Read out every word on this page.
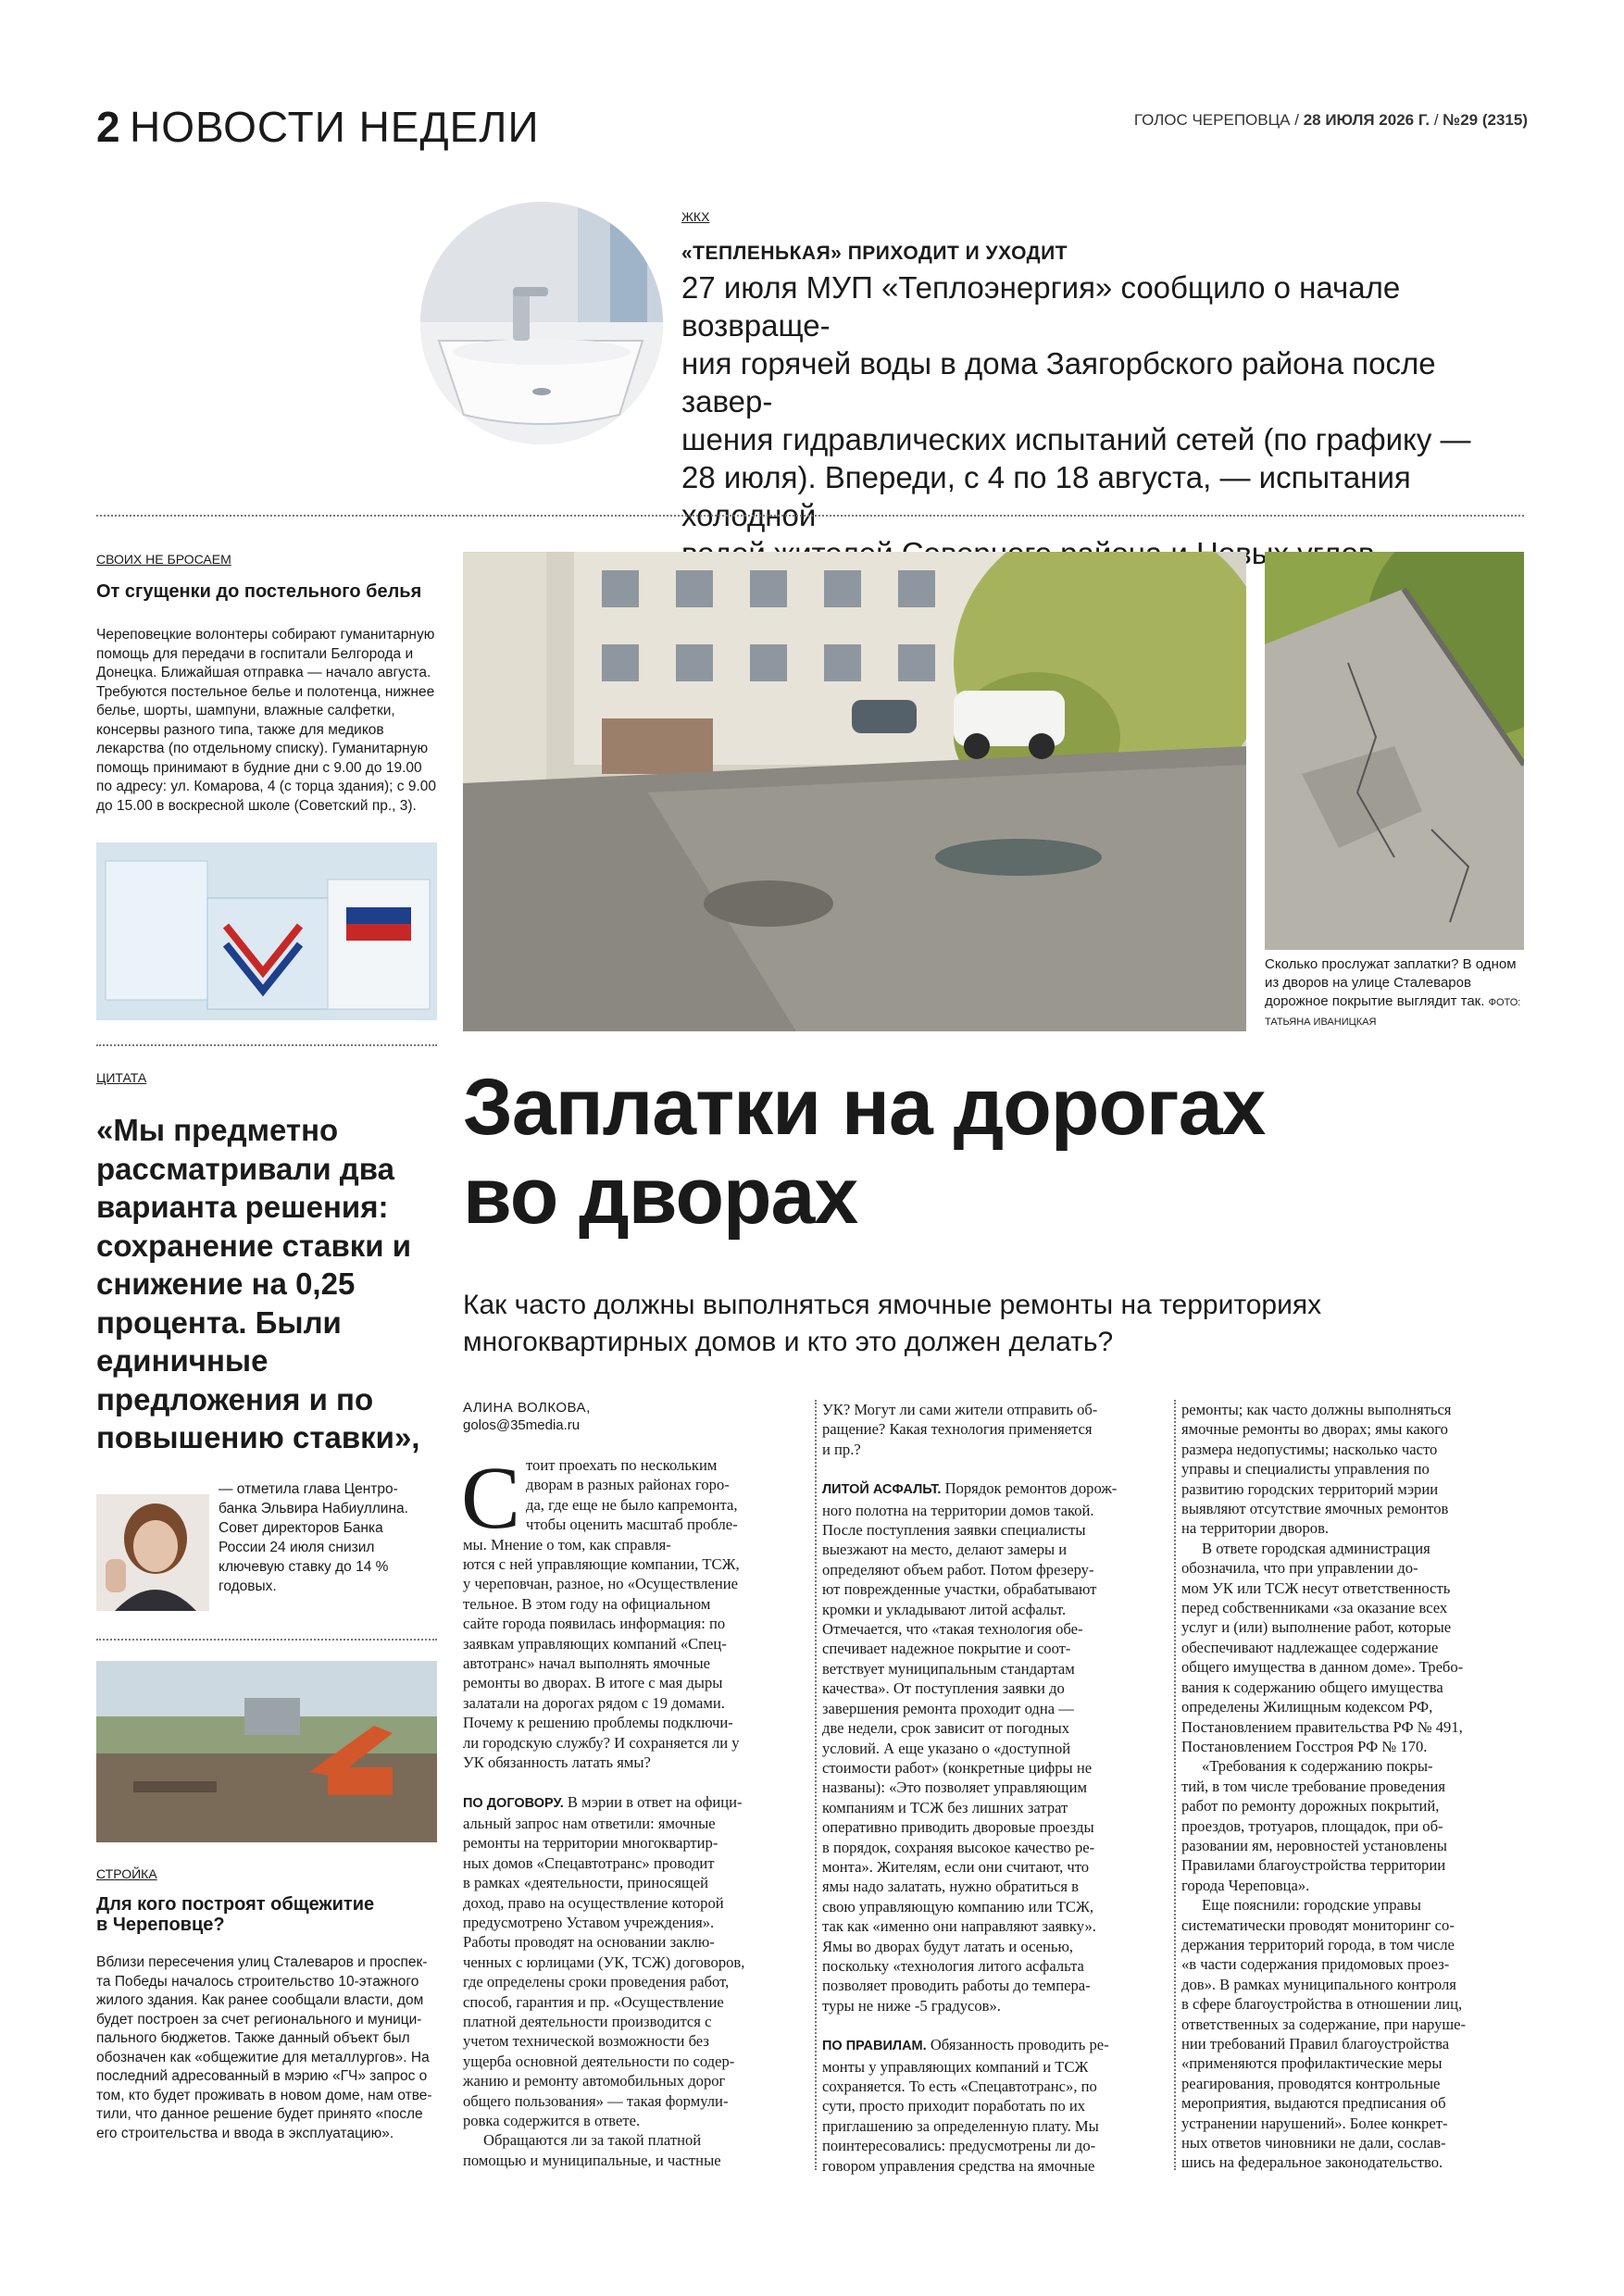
2 НОВОСТИ НЕДЕЛИ	ГОЛОС ЧЕРЕПОВЦА / 28 ИЮЛЯ 2026 Г. / №29 (2315)
ЖКХ
«ТЕПЛЕНЬКАЯ» ПРИХОДИТ И УХОДИТ
27 июля МУП «Теплоэнергия» сообщило о начале возвраще-
ния горячей воды в дома Заягорбского района после завер-
шения гидравлических испытаний сетей (по графику —
28 июля). Впереди, с 4 по 18 августа, — испытания холодной
СВОИХ НЕ БРОСАЕМ
От сгущенки до постельного белья
Череповецкие волонтеры собирают гуманитарную
помощь для передачи в госпитали Белгорода и
Донецка. Ближайшая отправка — начало августа.
Требуются постельное белье и полотенца, нижнее
белье, шорты, шампуни, влажные салфетки,
консервы разного типа, также для медиков
лекарства (по отдельному списку). Гуманитарную
помощь принимают в будние дни с 9.00 до 19.00
по адресу: ул. Комарова, 4 (с торца здания); с 9.00
до 15.00 в воскресной школе (Советский пр., 3).
ЦИТАТА
«Мы предметно рассматривали два варианта решения: сохранение ставки и снижение на 0,25 процента. Были единичные предложения и по повышению ставки»,
— отметила глава Центро-
банка Эльвира Набиуллина.
Совет директоров Банка
России 24 июля снизил
ключевую ставку до 14 %
годовых.
СТРОЙКА
Для кого построят общежитие
в Череповце?
Вблизи пересечения улиц Сталеваров и проспек-
та Победы началось строительство 10-этажного
жилого здания. Как ранее сообщали власти, дом
будет построен за счет регионального и муници-
пального бюджетов. Также данный объект был
обозначен как «общежитие для металлургов». На
последний адресованный в мэрию «ГЧ» запрос о
том, кто будет проживать в новом доме, нам отве-
тили, что данное решение будет принято «после
его строительства и ввода в эксплуатацию».
Сколько прослужат заплатки? В одном из дворов на улице Сталеваров дорожное покрытие выглядит так. ФОТО: ТАТЬЯНА ИВАНИЦКАЯ
Заплатки на дорогах
во дворах
Как часто должны выполняться ямочные ремонты на территориях
многоквартирных домов и кто это должен делать?
АЛИНА ВОЛКОВА,
golos@35media.ru
С тоит проехать по нескольким
дворам в разных районах горо-
да, где еще не было капремонта,
чтобы оценить масштаб пробле-
мы. Мнение о том, как справля-
ются с ней управляющие компании, ТСЖ,
у череповчан, разное, но «Осуществление
тельное. В этом году на официальном
сайте города появилась информация: по
заявкам управляющих компаний «Спец-
автотранс» начал выполнять ямочные
ремонты во дворах. В итоге с мая дыры
залатали на дорогах рядом с 19 домами.
Почему к решению проблемы подключи-
ли городскую службу? И сохраняется ли у
УК обязанность латать ямы?
ПО ДОГОВОРУ. В мэрии в ответ на офици-
альный запрос нам ответили: ямочные
ремонты на территории многоквартир-
ных домов «Спецавтотранс» проводит
в рамках «деятельности, приносящей
доход, право на осуществление которой
предусмотрено Уставом учреждения».
Работы проводят на основании заклю-
ченных с юрлицами (УК, ТСЖ) договоров,
где определены сроки проведения работ,
способ, гарантия и пр. «Осуществление
платной деятельности производится с
учетом технической возможности без
ущерба основной деятельности по содер-
жанию и ремонту автомобильных дорог
общего пользования» — такая формули-
ровка содержится в ответе.
Обращаются ли за такой платной
помощью и муниципальные, и частные
УК? Могут ли сами жители отправить об-
ращение? Какая технология применяется
и пр.?
ЛИТОЙ АСФАЛЬТ. Порядок ремонтов дорож-
ного полотна на территории домов такой.
После поступления заявки специалисты
выезжают на место, делают замеры и
определяют объем работ. Потом фрезеру-
ют поврежденные участки, обрабатывают
кромки и укладывают литой асфальт.
Отмечается, что «такая технология обе-
спечивает надежное покрытие и соот-
ветствует муниципальным стандартам
качества». От поступления заявки до
завершения ремонта проходит одна —
две недели, срок зависит от погодных
условий. А еще указано о «доступной
стоимости работ» (конкретные цифры не
названы): «Это позволяет управляющим
компаниям и ТСЖ без лишних затрат
оперативно приводить дворовые проезды
в порядок, сохраняя высокое качество ре-
монта». Жителям, если они считают, что
ямы надо залатать, нужно обратиться в
свою управляющую компанию или ТСЖ,
так как «именно они направляют заявку».
Ямы во дворах будут латать и осенью,
поскольку «технология литого асфальта
позволяет проводить работы до темпера-
туры не ниже -5 градусов».
ПО ПРАВИЛАМ. Обязанность проводить ре-
монты у управляющих компаний и ТСЖ
сохраняется. То есть «Спецавтотранс», по
сути, просто приходит поработать по их
приглашению за определенную плату. Мы
поинтересовались: предусмотрены ли до-
говором управления средства на ямочные
ремонты; как часто должны выполняться
ямочные ремонты во дворах; ямы какого
размера недопустимы; насколько часто
управы и специалисты управления по
развитию городских территорий мэрии
выявляют отсутствие ямочных ремонтов
на территории дворов.
В ответе городская администрация
обозначила, что при управлении до-
мом УК или ТСЖ несут ответственность
перед собственниками «за оказание всех
услуг и (или) выполнение работ, которые
обеспечивают надлежащее содержание
общего имущества в данном доме». Требо-
вания к содержанию общего имущества
определены Жилищным кодексом РФ,
Постановлением правительства РФ № 491,
Постановлением Госстроя РФ № 170.
«Требования к содержанию покры-
тий, в том числе требование проведения
работ по ремонту дорожных покрытий,
проездов, тротуаров, площадок, при об-
разовании ям, неровностей установлены
Правилами благоустройства территории
города Череповца».
Еще пояснили: городские управы
систематически проводят мониторинг со-
держания территорий города, в том числе
«в части содержания придомовых проез-
дов». В рамках муниципального контроля
в сфере благоустройства в отношении лиц,
ответственных за содержание, при наруше-
нии требований Правил благоустройства
«применяются профилактические меры
реагирования, проводятся контрольные
мероприятия, выдаются предписания об
устранении нарушений». Более конкрет-
ных ответов чиновники не дали, сослав-
шись на федеральное законодательство.
